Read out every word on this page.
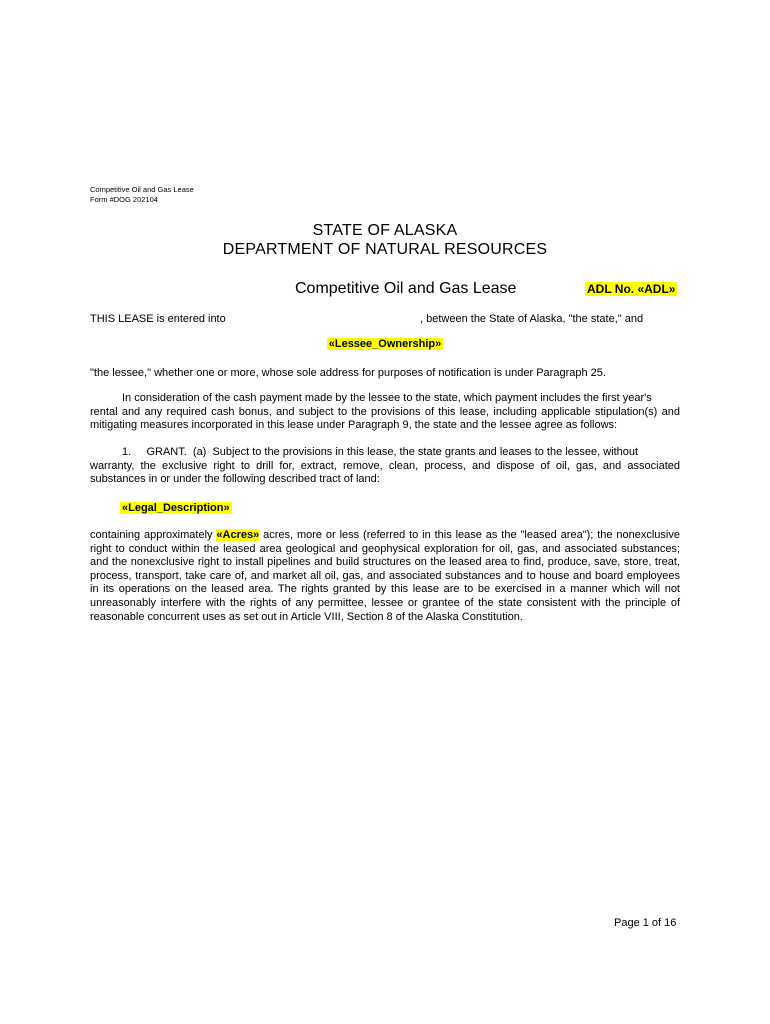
Competitive Oil and Gas Lease
Form #DOG 202104
STATE OF ALASKA
DEPARTMENT OF NATURAL RESOURCES
Competitive Oil and Gas Lease	ADL No. «ADL»
THIS LEASE is entered into	, between the State of Alaska, "the state," and
«Lessee_Ownership»
"the lessee," whether one or more, whose sole address for purposes of notification is under Paragraph 25.
In consideration of the cash payment made by the lessee to the state, which payment includes the first year's
rental and any required cash bonus, and subject to the provisions of this lease, including applicable stipulation(s) and mitigating measures incorporated in this lease under Paragraph 9, the state and the lessee agree as follows:
1.     GRANT.  (a)  Subject to the provisions in this lease, the state grants and leases to the lessee, without
warranty, the exclusive right to drill for, extract, remove, clean, process, and dispose of oil, gas, and associated substances in or under the following described tract of land:
«Legal_Description»
containing approximately «Acres» acres, more or less (referred to in this lease as the "leased area"); the nonexclusive right to conduct within the leased area geological and geophysical exploration for oil, gas, and associated substances; and the nonexclusive right to install pipelines and build structures on the leased area to find, produce, save, store, treat, process, transport, take care of, and market all oil, gas, and associated substances and to house and board employees in its operations on the leased area. The rights granted by this lease are to be exercised in a manner which will not unreasonably interfere with the rights of any permittee, lessee or grantee of the state consistent with the principle of reasonable concurrent uses as set out in Article VIII, Section 8 of the Alaska Constitution.
Page 1 of 16
